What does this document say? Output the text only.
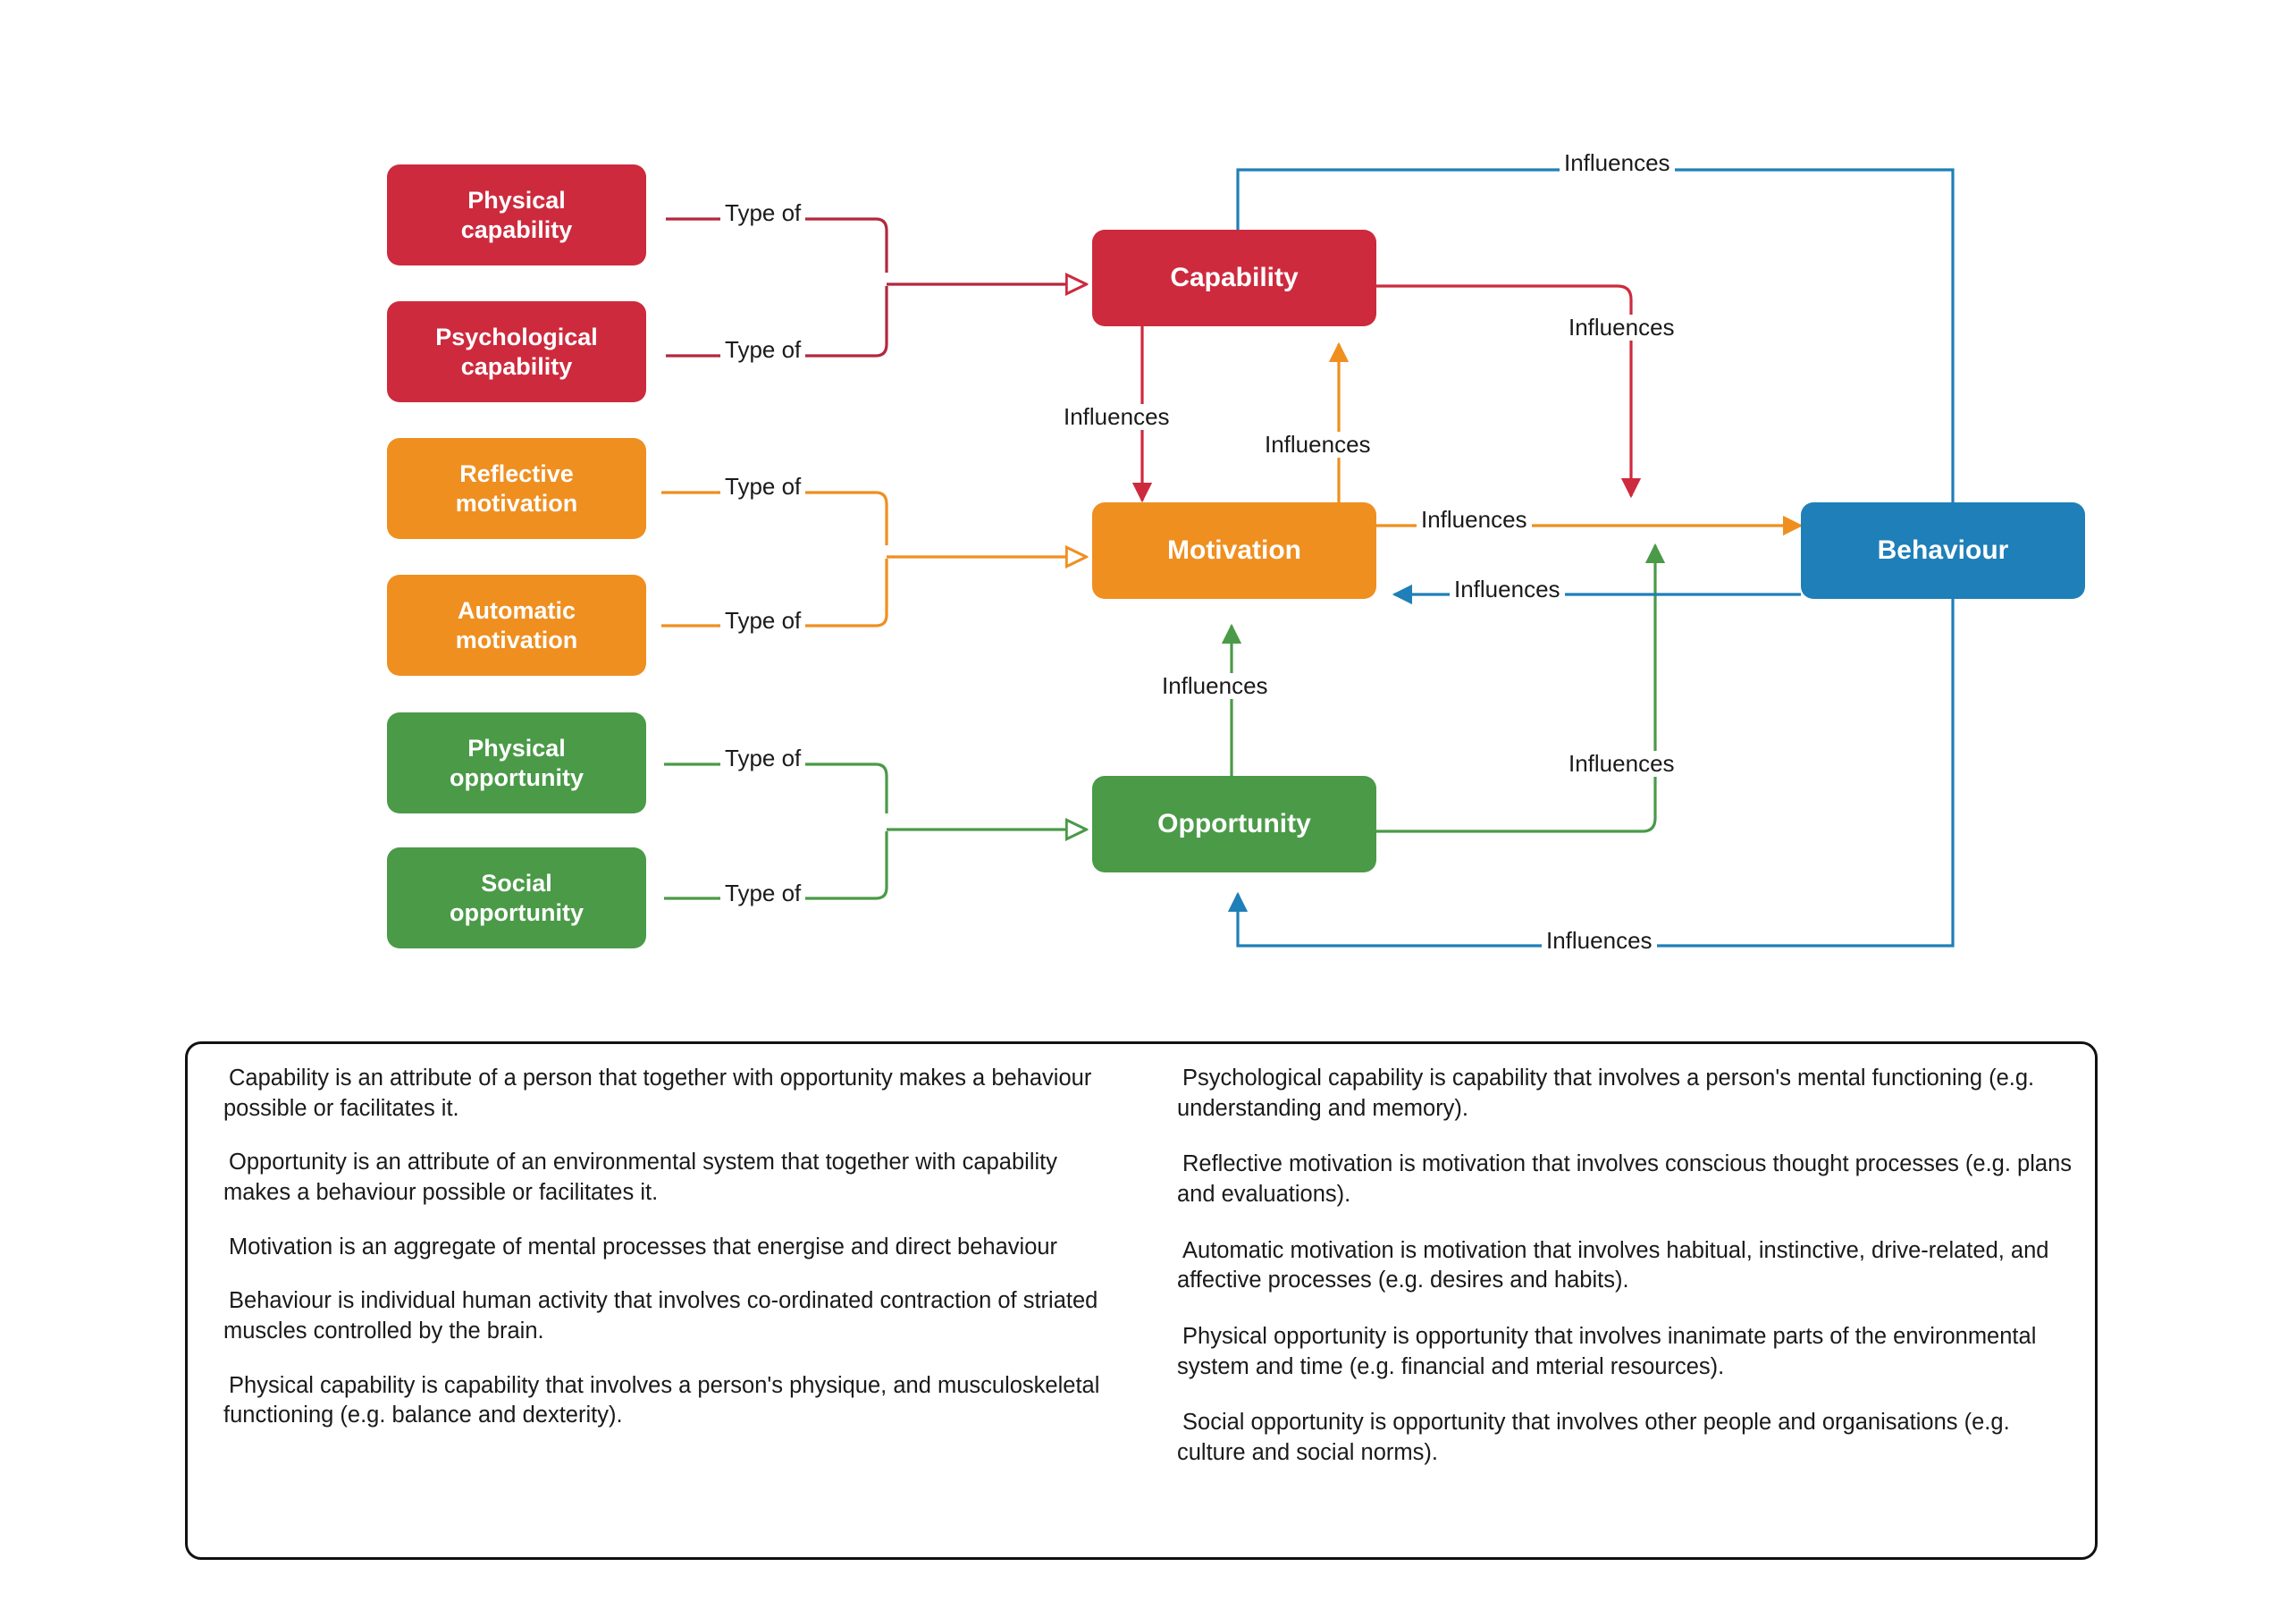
Physical
capability
Psychological
capability
Reflective
motivation
Automatic
motivation
Physical
opportunity
Social
opportunity
Capability
Motivation
Opportunity
Behaviour
Type of
Type of
Type of
Type of
Type of
Type of
Influences
Influences
Influences
Influences
Influences
Influences
Influences
Influences
Influences
Capability is an attribute of a person that together with opportunity makes a behaviour possible or facilitates it.
Opportunity is an attribute of an environmental system that together with capability makes a behaviour possible or facilitates it.
Motivation is an aggregate of mental processes that energise and direct behaviour
Behaviour is individual human activity that involves co-ordinated contraction of striated muscles controlled by the brain.
Physical capability is capability that involves a person's physique, and musculoskeletal functioning (e.g. balance and dexterity).
Psychological capability is capability that involves a person's mental functioning (e.g. understanding and memory).
Reflective motivation is motivation that involves conscious thought processes (e.g. plans and evaluations).
Automatic motivation is motivation that involves habitual, instinctive, drive-related, and affective processes (e.g. desires and habits).
Physical opportunity is opportunity that involves inanimate parts of the environmental system and time (e.g. financial and mterial resources).
Social opportunity is opportunity that involves other people and organisations (e.g. culture and social norms).
